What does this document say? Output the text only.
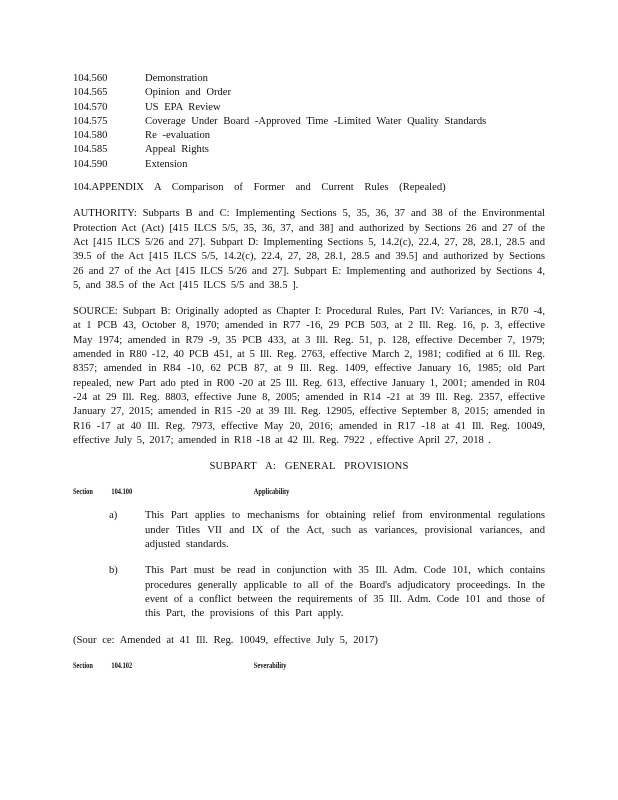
104.560	Demonstration
104.565	Opinion and Order
104.570	US EPA Review
104.575	Coverage Under Board -Approved Time -Limited Water Quality Standards
104.580	Re -evaluation
104.585	Appeal Rights
104.590	Extension
104.APPENDIX A Comparison of Former and Current Rules (Repealed)

AUTHORITY: Subparts B and C: Implementing Sections 5, 35, 36, 37 and 38 of the Environmental Protection Act (Act) [415 ILCS 5/5, 35, 36, 37, and 38] and authorized by Sections 26 and 27 of the Act [415 ILCS 5/26 and 27]. Subpart D: Implementing Sections 5, 14.2(c), 22.4, 27, 28, 28.1, 28.5 and 39.5 of the Act [415 ILCS 5/5, 14.2(c), 22.4, 27, 28, 28.1, 28.5 and 39.5] and authorized by Sections 26 and 27 of the Act [415 ILCS 5/26 and 27]. Subpart E: Implementing and authorized by Sections 4, 5, and 38.5 of the Act [415 ILCS 5/5 and 38.5 ].

SOURCE: Subpart B: Originally adopted as Chapter I: Procedural Rules, Part IV: Variances, in R70 -4, at 1 PCB 43, October 8, 1970; amended in R77 -16, 29 PCB 503, at 2 Ill. Reg. 16, p. 3, effective May 1974; amended in R79 -9, 35 PCB 433, at 3 Ill. Reg. 51, p. 128, effective December 7, 1979; amended in R80 -12, 40 PCB 451, at 5 Ill. Reg. 2763, effective March 2, 1981; codified at 6 Ill. Reg. 8357; amended in R84 -10, 62 PCB 87, at 9 Ill. Reg. 1409, effective January 16, 1985; old Part repealed, new Part ado pted in R00 -20 at 25 Ill. Reg. 613, effective January 1, 2001; amended in R04 -24 at 29 Ill. Reg. 8803, effective June 8, 2005; amended in R14 -21 at 39 Ill. Reg. 2357, effective January 27, 2015; amended in R15 -20 at 39 Ill. Reg. 12905, effective September 8, 2015; amended in R16 -17 at 40 Ill. Reg. 7973, effective May 20, 2016; amended in R17 -18 at 41 Ill. Reg. 10049, effective July 5, 2017; amended in R18 -18 at 42 Ill. Reg. 7922 , effective April 27, 2018 .

SUBPART A: GENERAL PROVISIONS
Section	104.100	Applicability
a)	This Part applies to mechanisms for obtaining relief from environmental regulations under Titles VII and IX of the Act, such as variances, provisional variances, and adjusted standards.
b)	This Part must be read in conjunction with 35 Ill. Adm. Code 101, which contains procedures generally applicable to all of the Board's adjudicatory proceedings. In the event of a conflict between the requirements of 35 Ill. Adm. Code 101 and those of this Part, the provisions of this Part apply.
(Sour ce: Amended at 41 Ill. Reg. 10049, effective July 5, 2017)
Section	104.102	Severability
